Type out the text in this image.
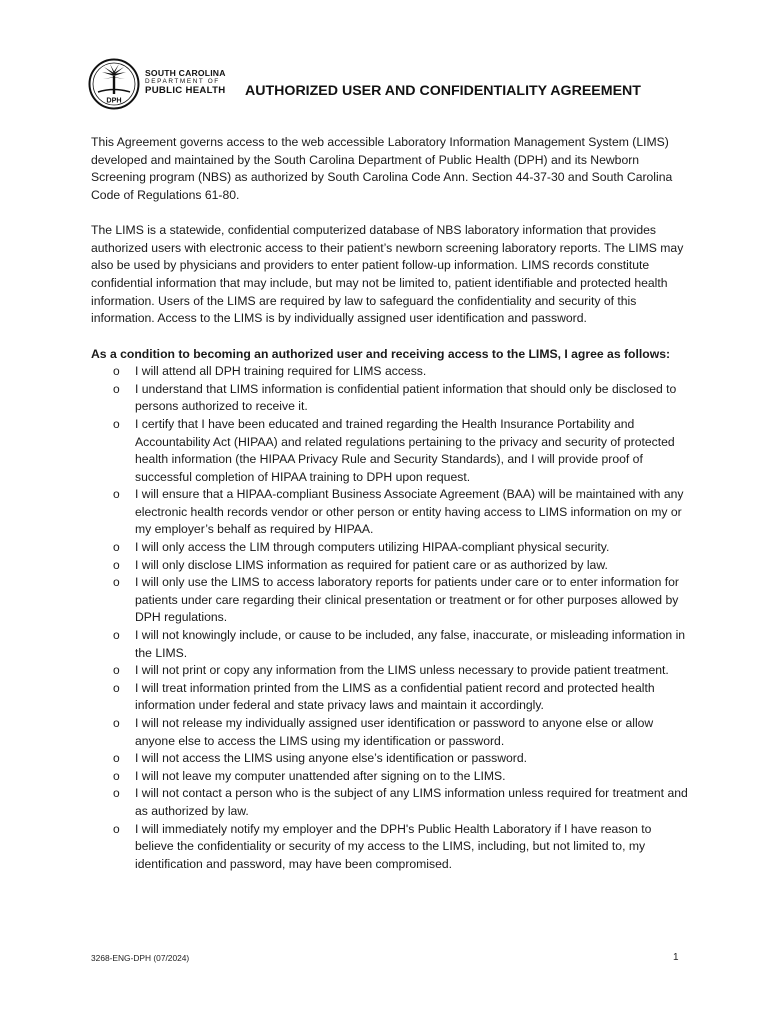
DPH
SOUTH CAROLINA
DEPARTMENT OF
PUBLIC HEALTH AUTHORIZED USER AND CONFIDENTIALITY AGREEMENT

This Agreement governs access to the web accessible Laboratory Information Management System (LIMS) developed and maintained by the South Carolina Department of Public Health (DPH) and its Newborn Screening program (NBS) as authorized by South Carolina Code Ann. Section 44-37-30 and South Carolina Code of Regulations 61-80.

The LIMS is a statewide, confidential computerized database of NBS laboratory information that provides authorized users with electronic access to their patient’s newborn screening laboratory reports. The LIMS may also be used by physicians and providers to enter patient follow-up information. LIMS records constitute confidential information that may include, but may not be limited to, patient identifiable and protected health information. Users of the LIMS are required by law to safeguard the confidentiality and security of this information. Access to the LIMS is by individually assigned user identification and password.

As a condition to becoming an authorized user and receiving access to the LIMS, I agree as follows:

o I will attend all DPH training required for LIMS access.
o I understand that LIMS information is confidential patient information that should only be disclosed to persons authorized to receive it.
o I certify that I have been educated and trained regarding the Health Insurance Portability and Accountability Act (HIPAA) and related regulations pertaining to the privacy and security of protected health information (the HIPAA Privacy Rule and Security Standards), and I will provide proof of successful completion of HIPAA training to DPH upon request.
o I will ensure that a HIPAA-compliant Business Associate Agreement (BAA) will be maintained with any electronic health records vendor or other person or entity having access to LIMS information on my or my employer’s behalf as required by HIPAA.
o I will only access the LIM through computers utilizing HIPAA-compliant physical security.
o I will only disclose LIMS information as required for patient care or as authorized by law.
o I will only use the LIMS to access laboratory reports for patients under care or to enter information for patients under care regarding their clinical presentation or treatment or for other purposes allowed by DPH regulations.
o I will not knowingly include, or cause to be included, any false, inaccurate, or misleading information in the LIMS.
o I will not print or copy any information from the LIMS unless necessary to provide patient treatment.
o I will treat information printed from the LIMS as a confidential patient record and protected health information under federal and state privacy laws and maintain it accordingly.
o I will not release my individually assigned user identification or password to anyone else or allow anyone else to access the LIMS using my identification or password.
o I will not access the LIMS using anyone else’s identification or password.
o I will not leave my computer unattended after signing on to the LIMS.
o I will not contact a person who is the subject of any LIMS information unless required for treatment and as authorized by law.
o I will immediately notify my employer and the DPH's Public Health Laboratory if I have reason to believe the confidentiality or security of my access to the LIMS, including, but not limited to, my identification and password, may have been compromised.
3268-ENG-DPH (07/2024)	1
